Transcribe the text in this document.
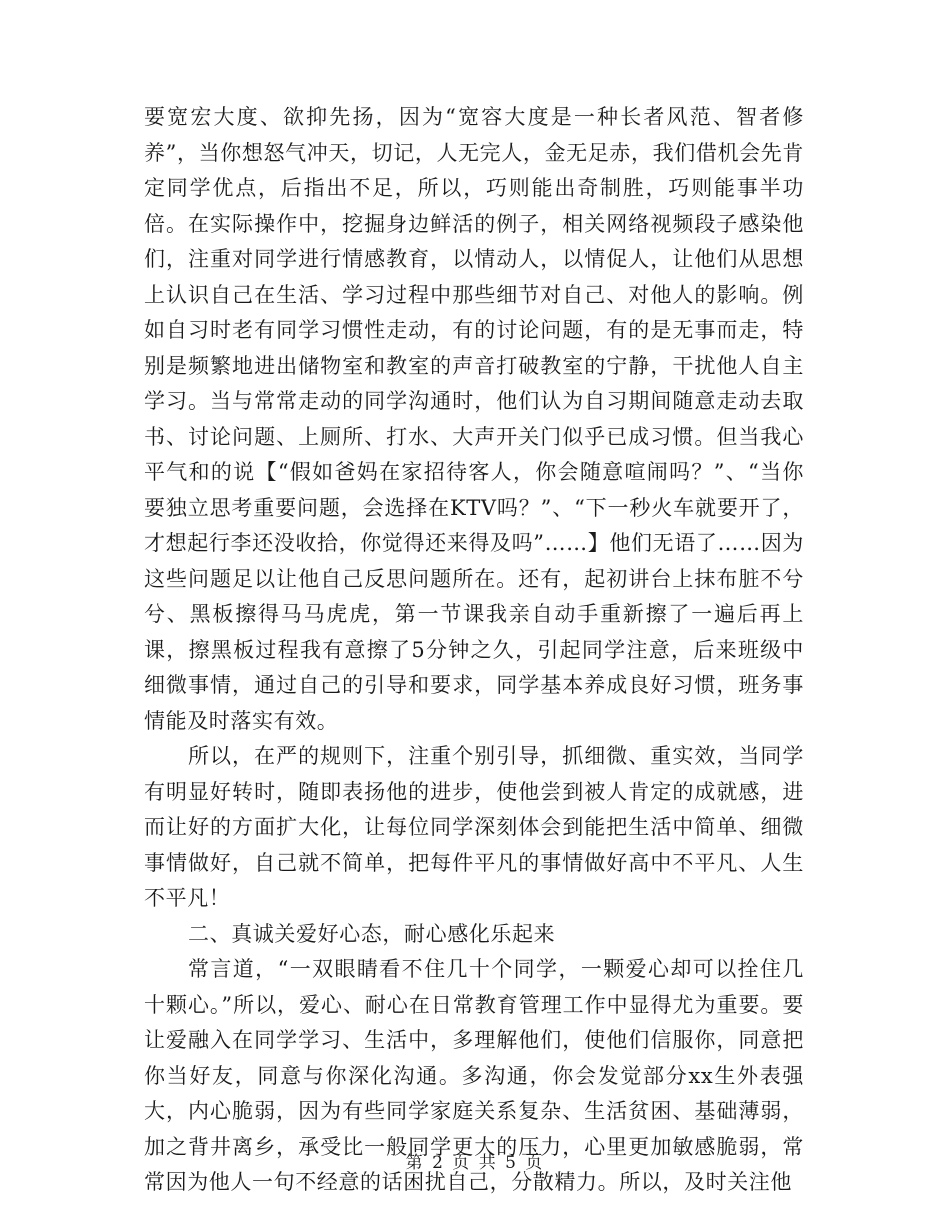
要宽宏大度、欲抑先扬，因为“宽容大度是一种长者风范、智者修养”，当你想怒气冲天，切记，人无完人，金无足赤，我们借机会先肯定同学优点，后指出不足，所以，巧则能出奇制胜，巧则能事半功倍。在实际操作中，挖掘身边鲜活的例子，相关网络视频段子感染他们，注重对同学进行情感教育，以情动人，以情促人，让他们从思想上认识自己在生活、学习过程中那些细节对自己、对他人的影响。例如自习时老有同学习惯性走动，有的讨论问题，有的是无事而走，特别是频繁地进出储物室和教室的声音打破教室的宁静，干扰他人自主学习。当与常常走动的同学沟通时，他们认为自习期间随意走动去取书、讨论问题、上厕所、打水、大声开关门似乎已成习惯。但当我心平气和的说【“假如爸妈在家招待客人，你会随意喧闹吗？”、“当你要独立思考重要问题，会选择在KTV吗？”、“下一秒火车就要开了，才想起行李还没收拾，你觉得还来得及吗”……】他们无语了……因为这些问题足以让他自己反思问题所在。还有，起初讲台上抹布脏不兮兮、黑板擦得马马虎虎，第一节课我亲自动手重新擦了一遍后再上课，擦黑板过程我有意擦了5分钟之久，引起同学注意，后来班级中细微事情，通过自己的引导和要求，同学基本养成良好习惯，班务事情能及时落实有效。

所以，在严的规则下，注重个别引导，抓细微、重实效，当同学有明显好转时，随即表扬他的进步，使他尝到被人肯定的成就感，进而让好的方面扩大化，让每位同学深刻体会到能把生活中简单、细微事情做好，自己就不简单，把每件平凡的事情做好高中不平凡、人生不平凡！

二、真诚关爱好心态，耐心感化乐起来

常言道，“一双眼睛看不住几十个同学，一颗爱心却可以拴住几十颗心。”所以，爱心、耐心在日常教育管理工作中显得尤为重要。要让爱融入在同学学习、生活中，多理解他们，使他们信服你，同意把你当好友，同意与你深化沟通。多沟通，你会发觉部分xx生外表强大，内心脆弱，因为有些同学家庭关系复杂、生活贫困、基础薄弱，加之背井离乡，承受比一般同学更大的压力，心里更加敏感脆弱，常常因为他人一句不经意的话困扰自己，分散精力。所以，及时关注他

第 2 页 共 5 页
